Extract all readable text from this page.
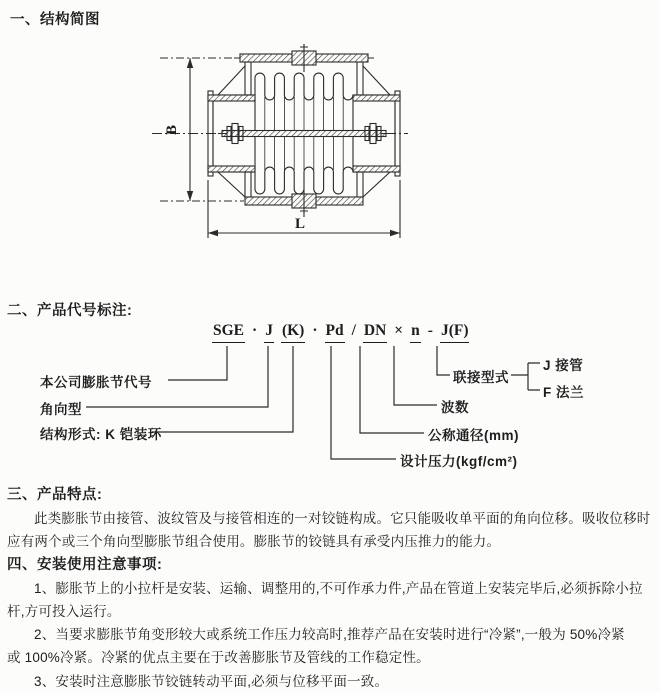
一、结构简图
B
L
二、产品代号标注:
SGE · J (K) · Pd / DN × n - J(F)
本公司膨胀节代号
角向型
结构形式: K 铠装环
联接型式
J 接管
F 法兰
波数
公称通径(mm)
设计压力(kgf/cm²)
三、产品特点:
此类膨胀节由接管、波纹管及与接管相连的一对铰链构成。它只能吸收单平面的角向位移。吸收位移时
应有两个或三个角向型膨胀节组合使用。膨胀节的铰链具有承受内压推力的能力。
四、安装使用注意事项:
1、膨胀节上的小拉杆是安装、运输、调整用的,不可作承力件,产品在管道上安装完毕后,必须拆除小拉
杆,方可投入运行。
2、当要求膨胀节角变形较大或系统工作压力较高时,推荐产品在安装时进行“冷紧”,一般为 50%冷紧
或 100%冷紧。冷紧的优点主要在于改善膨胀节及管线的工作稳定性。
3、安装时注意膨胀节铰链转动平面,必须与位移平面一致。
